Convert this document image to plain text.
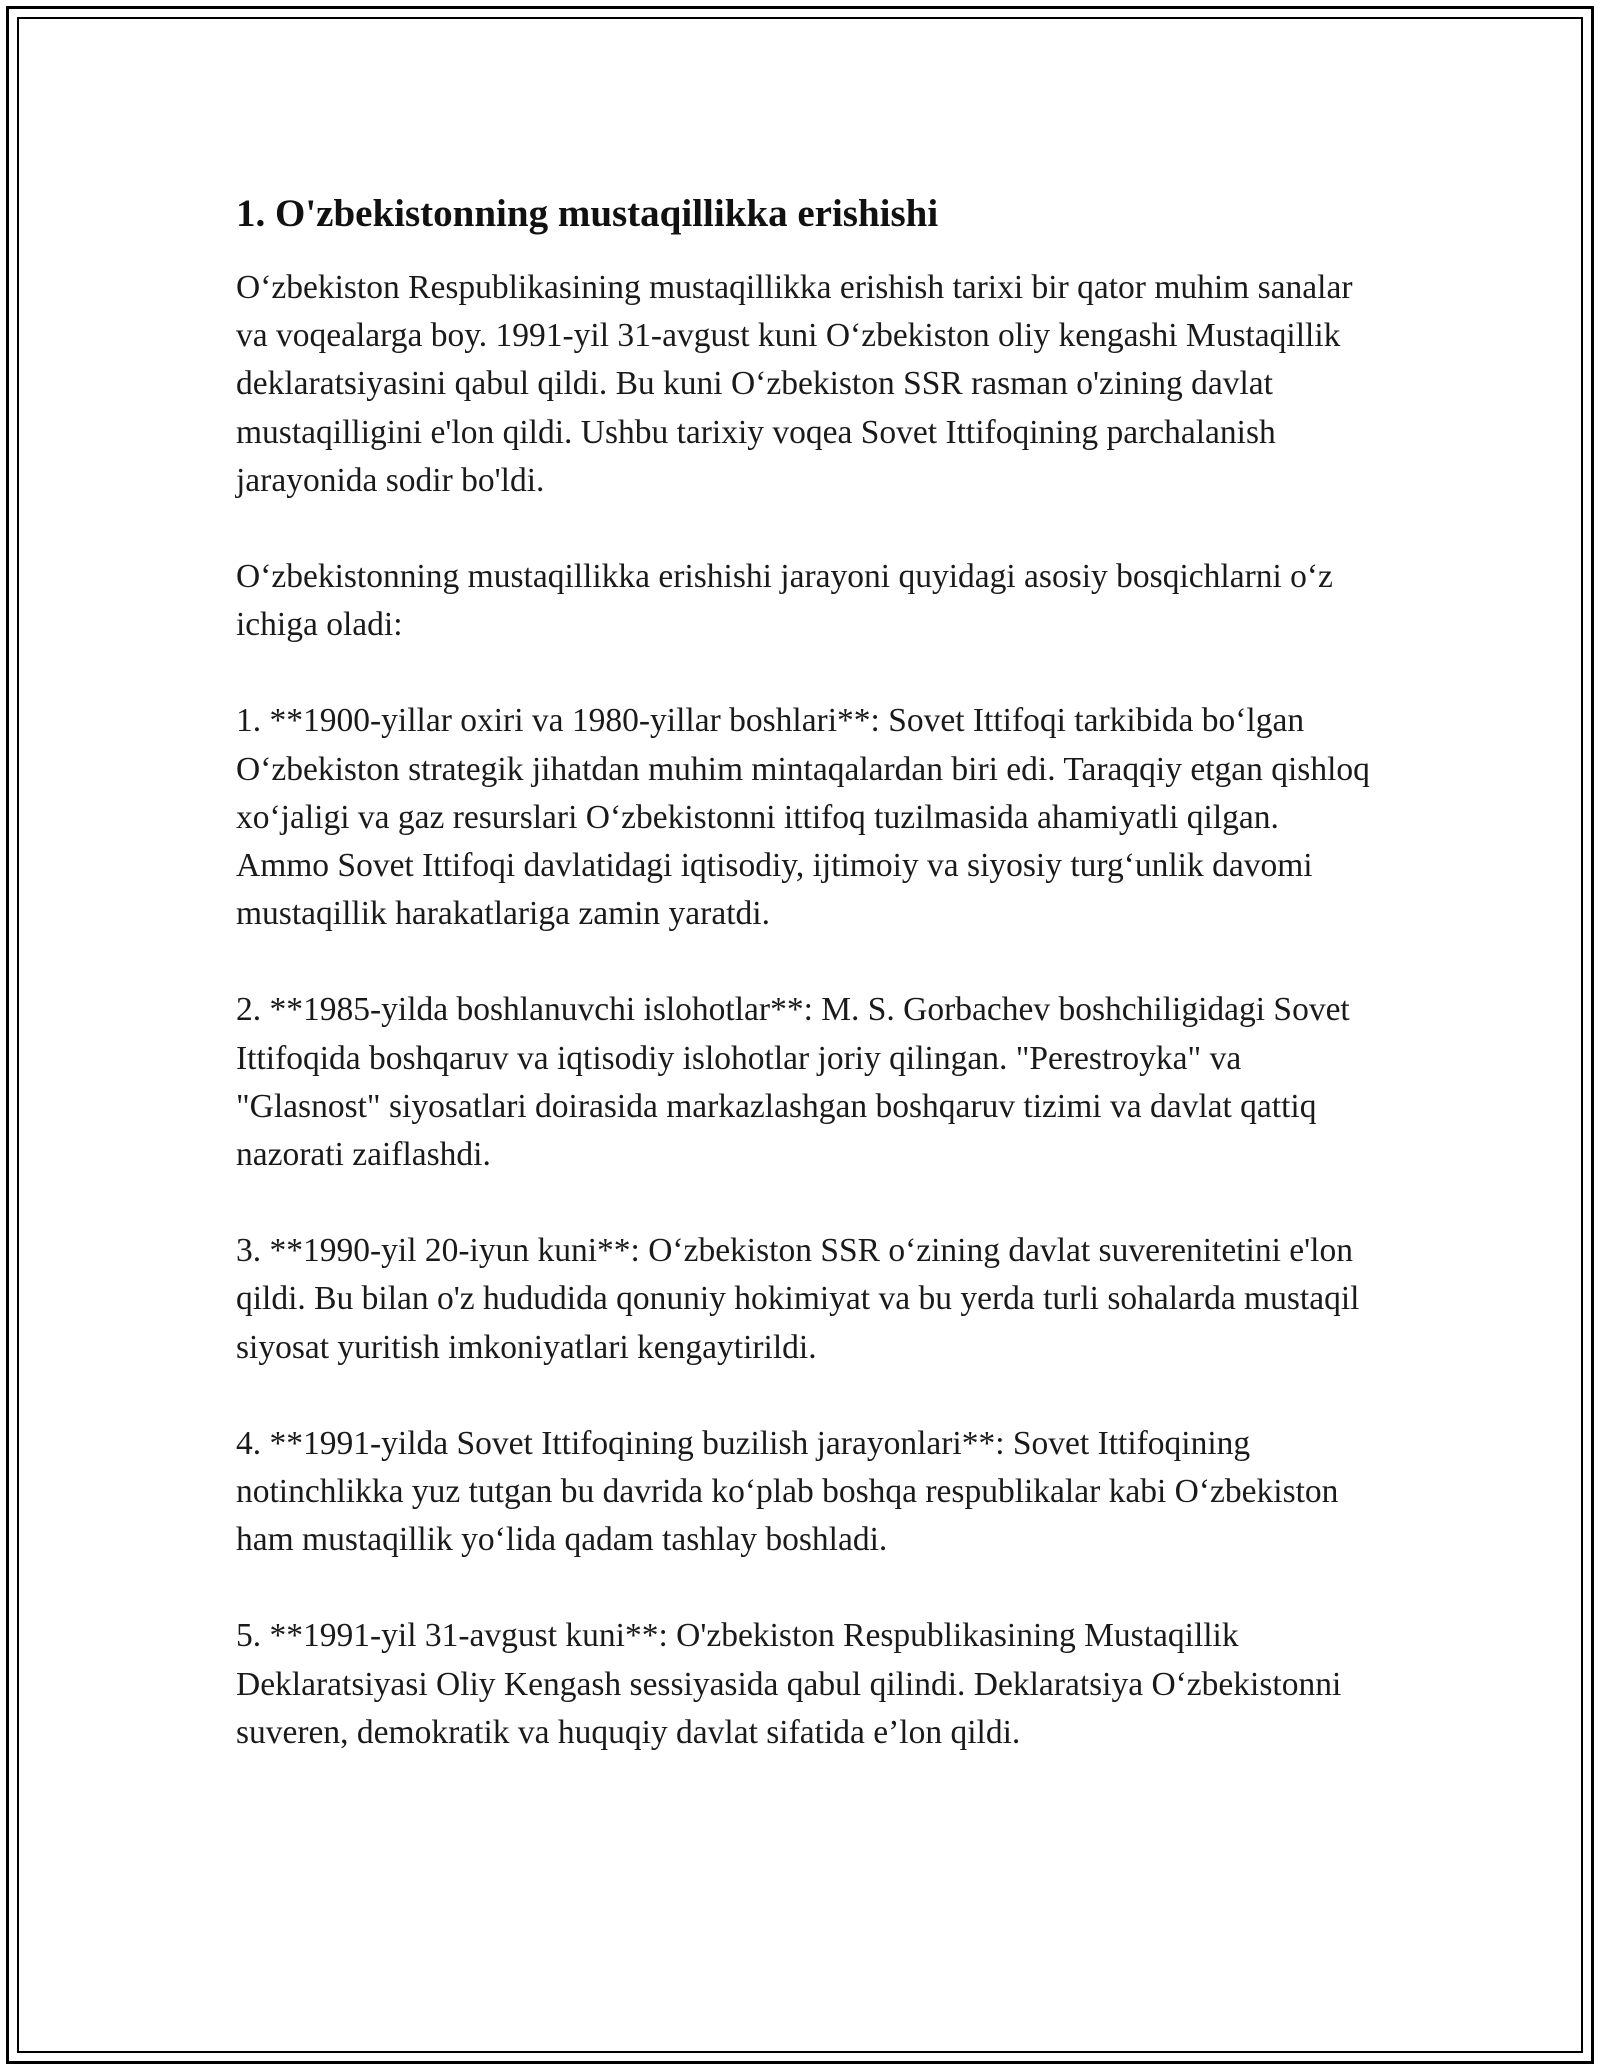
1. O'zbekistonning mustaqillikka erishishi

O‘zbekiston Respublikasining mustaqillikka erishish tarixi bir qator muhim sanalar va voqealarga boy. 1991-yil 31-avgust kuni O‘zbekiston oliy kengashi Mustaqillik deklaratsiyasini qabul qildi. Bu kuni O‘zbekiston SSR rasman o'zining davlat mustaqilligini e'lon qildi. Ushbu tarixiy voqea Sovet Ittifoqining parchalanish jarayonida sodir bo'ldi.

O‘zbekistonning mustaqillikka erishishi jarayoni quyidagi asosiy bosqichlarni o‘z ichiga oladi:

1. **1900-yillar oxiri va 1980-yillar boshlari**: Sovet Ittifoqi tarkibida bo‘lgan O‘zbekiston strategik jihatdan muhim mintaqalardan biri edi. Taraqqiy etgan qishloq xo‘jaligi va gaz resurslari O‘zbekistonni ittifoq tuzilmasida ahamiyatli qilgan. Ammo Sovet Ittifoqi davlatidagi iqtisodiy, ijtimoiy va siyosiy turg‘unlik davomi mustaqillik harakatlariga zamin yaratdi.

2. **1985-yilda boshlanuvchi islohotlar**: M. S. Gorbachev boshchiligidagi Sovet Ittifoqida boshqaruv va iqtisodiy islohotlar joriy qilingan. "Perestroyka" va "Glasnost" siyosatlari doirasida markazlashgan boshqaruv tizimi va davlat qattiq nazorati zaiflashdi.

3. **1990-yil 20-iyun kuni**: O‘zbekiston SSR o‘zining davlat suverenitetini e'lon qildi. Bu bilan o'z hududida qonuniy hokimiyat va bu yerda turli sohalarda mustaqil siyosat yuritish imkoniyatlari kengaytirildi.

4. **1991-yilda Sovet Ittifoqining buzilish jarayonlari**: Sovet Ittifoqining notinchlikka yuz tutgan bu davrida ko‘plab boshqa respublikalar kabi O‘zbekiston ham mustaqillik yo‘lida qadam tashlay boshladi.

5. **1991-yil 31-avgust kuni**: O'zbekiston Respublikasining Mustaqillik Deklaratsiyasi Oliy Kengash sessiyasida qabul qilindi. Deklaratsiya O‘zbekistonni suveren, demokratik va huquqiy davlat sifatida e’lon qildi.
